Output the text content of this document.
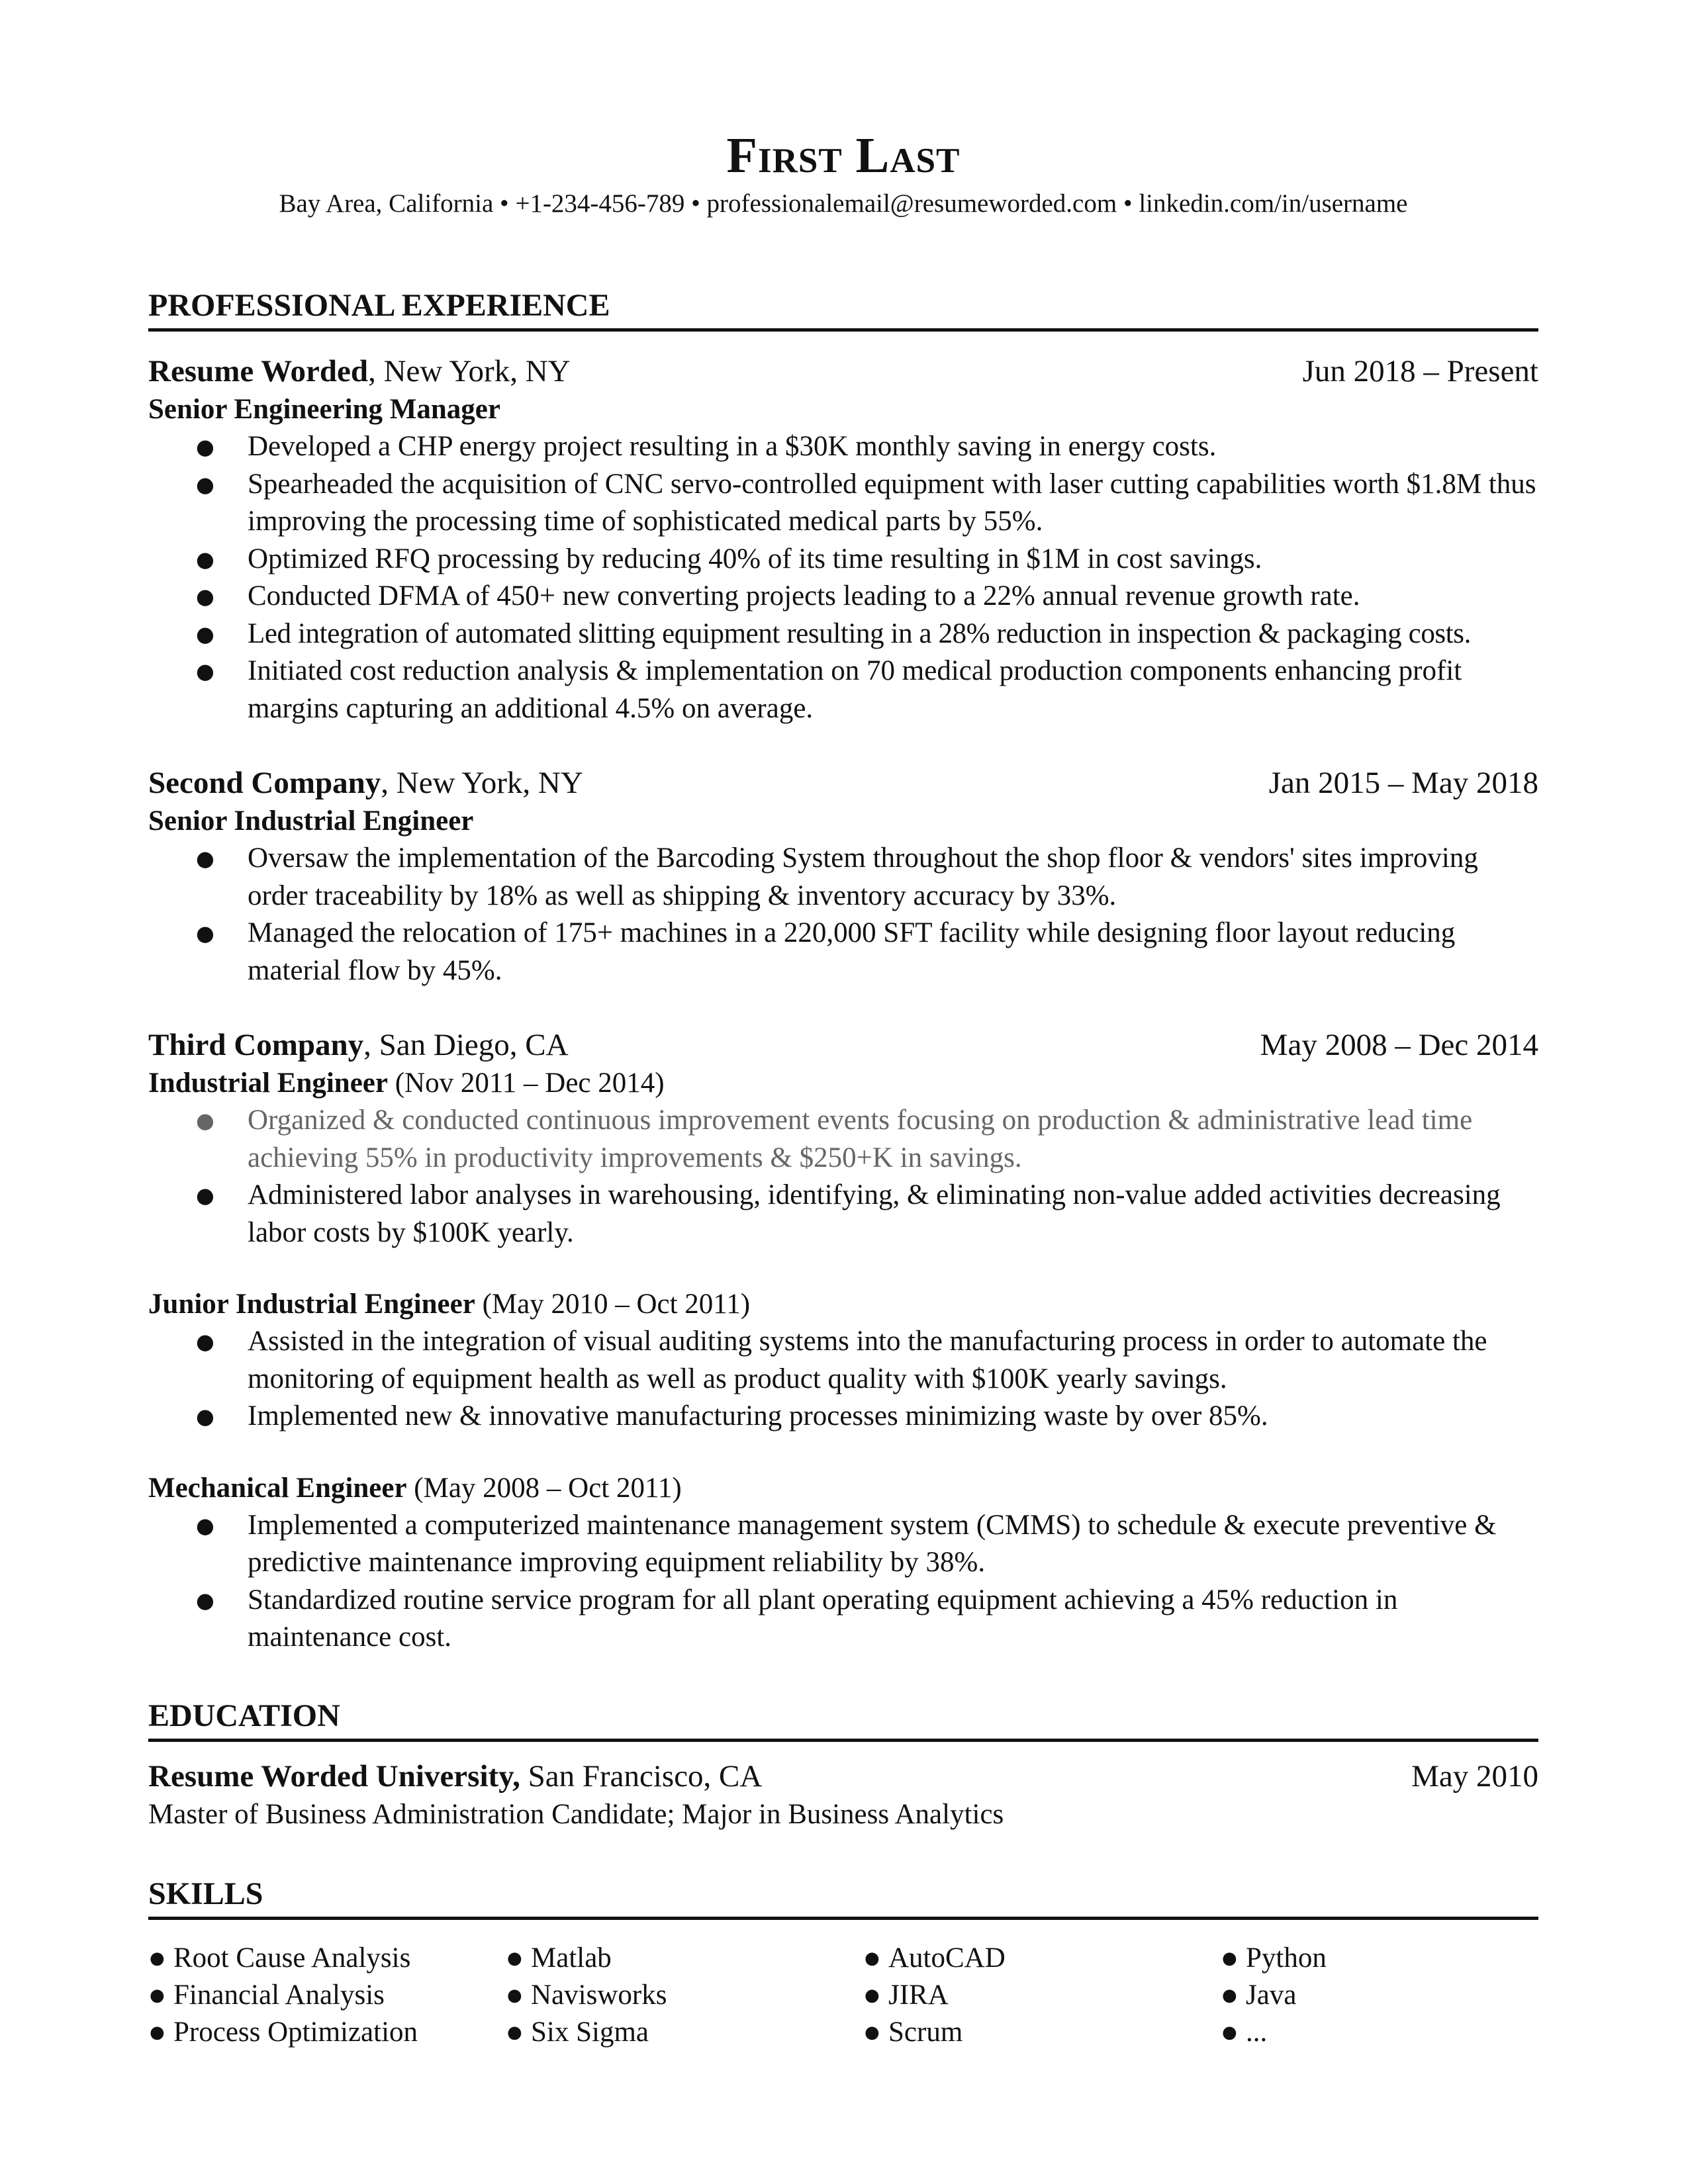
First Last
Bay Area, California • +1-234-456-789 • professionalemail@resumeworded.com • linkedin.com/in/username
PROFESSIONAL EXPERIENCE
Resume Worded, New York, NY	Jun 2018 – Present
Senior Engineering Manager
● Developed a CHP energy project resulting in a $30K monthly saving in energy costs.
● Spearheaded the acquisition of CNC servo-controlled equipment with laser cutting capabilities worth $1.8M thus improving the processing time of sophisticated medical parts by 55%.
● Optimized RFQ processing by reducing 40% of its time resulting in $1M in cost savings.
● Conducted DFMA of 450+ new converting projects leading to a 22% annual revenue growth rate.
● Led integration of automated slitting equipment resulting in a 28% reduction in inspection & packaging costs.
● Initiated cost reduction analysis & implementation on 70 medical production components enhancing profit margins capturing an additional 4.5% on average.
Second Company, New York, NY	Jan 2015 – May 2018
Senior Industrial Engineer
● Oversaw the implementation of the Barcoding System throughout the shop floor & vendors' sites improving order traceability by 18% as well as shipping & inventory accuracy by 33%.
● Managed the relocation of 175+ machines in a 220,000 SFT facility while designing floor layout reducing material flow by 45%.
Third Company, San Diego, CA	May 2008 – Dec 2014
Industrial Engineer (Nov 2011 – Dec 2014)
● Organized & conducted continuous improvement events focusing on production & administrative lead time achieving 55% in productivity improvements & $250+K in savings.
● Administered labor analyses in warehousing, identifying, & eliminating non-value added activities decreasing labor costs by $100K yearly.
Junior Industrial Engineer (May 2010 – Oct 2011)
● Assisted in the integration of visual auditing systems into the manufacturing process in order to automate the monitoring of equipment health as well as product quality with $100K yearly savings.
● Implemented new & innovative manufacturing processes minimizing waste by over 85%.
Mechanical Engineer (May 2008 – Oct 2011)
● Implemented a computerized maintenance management system (CMMS) to schedule & execute preventive & predictive maintenance improving equipment reliability by 38%.
● Standardized routine service program for all plant operating equipment achieving a 45% reduction in maintenance cost.
EDUCATION
Resume Worded University, San Francisco, CA	May 2010
Master of Business Administration Candidate; Major in Business Analytics
SKILLS
● Root Cause Analysis	● Matlab	● AutoCAD	● Python
● Financial Analysis	● Navisworks	● JIRA	● Java
● Process Optimization	● Six Sigma	● Scrum	● ...
